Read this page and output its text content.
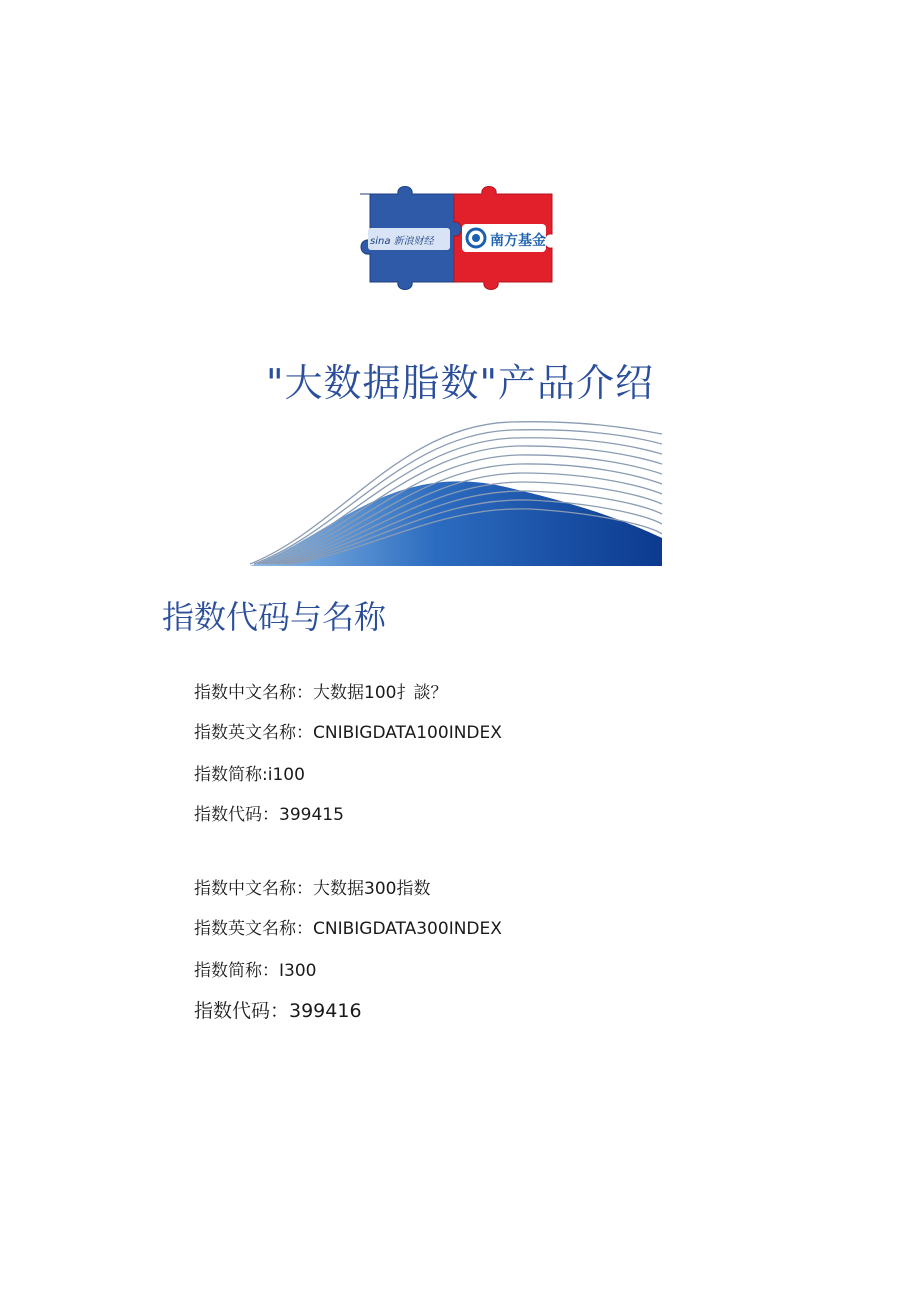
sina 新浪财经	南方基金
"大数据脂数"产品介绍
指数代码与名称
指数中文名称：大数据100扌談？
指数英文名称：CNIBIGDATA100INDEX
指数简称:i100
指数代码：399415
指数中文名称：大数据300指数
指数英文名称：CNIBIGDATA300INDEX
指数简称：I300
指数代码：399416
